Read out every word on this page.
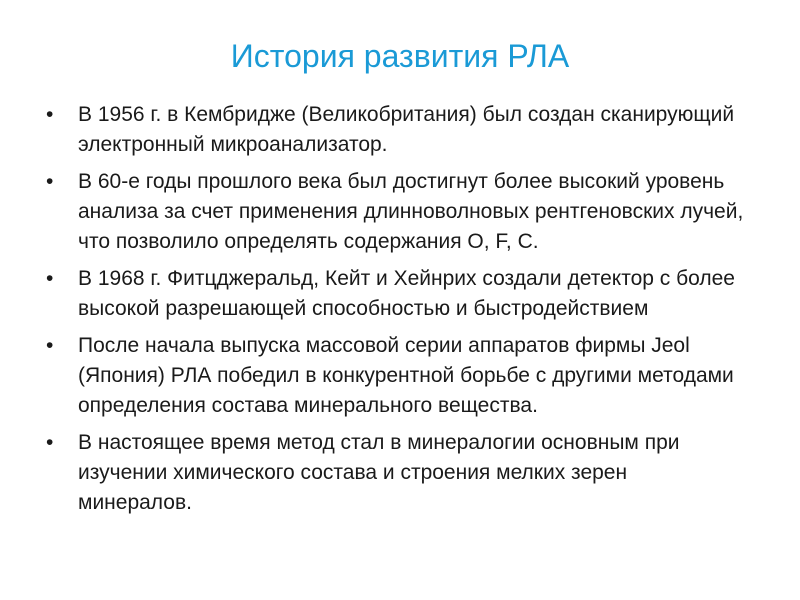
История развития РЛА
•	В 1956 г. в Кембридже (Великобритания) был создан сканирующий электронный микроанализатор.
•	В 60-е годы прошлого века был достигнут более высокий уровень анализа за счет применения длинноволновых рентгеновских лучей, что позволило определять содержания O, F, C.
•	В 1968 г. Фитцджеральд, Кейт и Хейнрих создали детектор с более высокой разрешающей способностью и быстродействием
•	После начала выпуска массовой серии аппаратов фирмы Jeol (Япония) РЛА победил в конкурентной борьбе с другими методами определения состава минерального вещества.
•	В настоящее время метод стал в минералогии основным при изучении химического состава и строения мелких зерен минералов.
